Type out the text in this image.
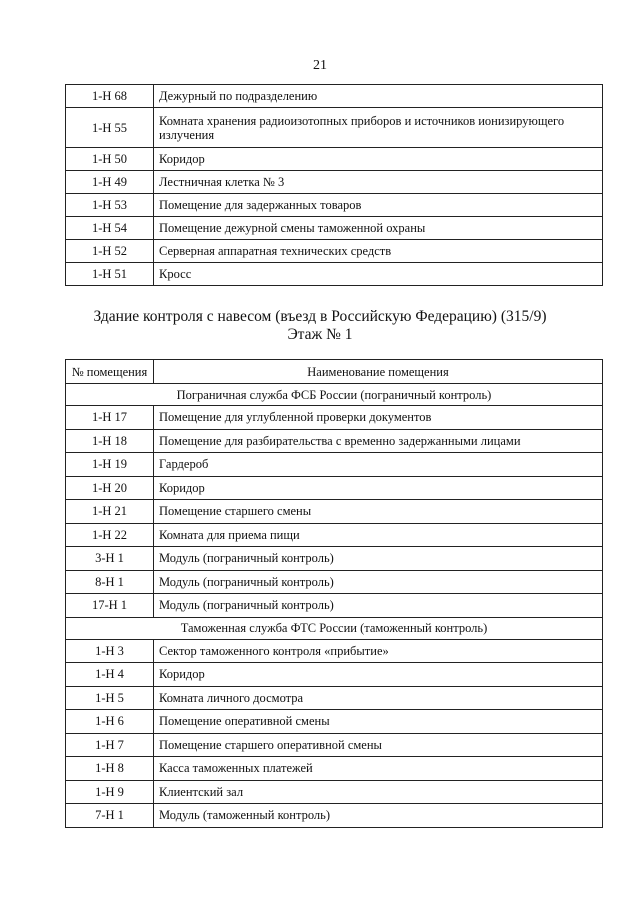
21
1-Н 68	Дежурный по подразделению
1-Н 55	Комната хранения радиоизотопных приборов и источников ионизирующего излучения
1-Н 50	Коридор
1-Н 49	Лестничная клетка № 3
1-Н 53	Помещение для задержанных товаров
1-Н 54	Помещение дежурной смены таможенной охраны
1-Н 52	Серверная аппаратная технических средств
1-Н 51	Кросс
Здание контроля с навесом (въезд в Российскую Федерацию) (315/9)
Этаж № 1
№ помещения	Наименование помещения
Пограничная служба ФСБ России (пограничный контроль)	
1-Н 17	Помещение для углубленной проверки документов
1-Н 18	Помещение для разбирательства с временно задержанными лицами
1-Н 19	Гардероб
1-Н 20	Коридор
1-Н 21	Помещение старшего смены
1-Н 22	Комната для приема пищи
3-Н 1	Модуль (пограничный контроль)
8-Н 1	Модуль (пограничный контроль)
17-Н 1	Модуль (пограничный контроль)
Таможенная служба ФТС России (таможенный контроль)	
1-Н 3	Сектор таможенного контроля «прибытие»
1-Н 4	Коридор
1-Н 5	Комната личного досмотра
1-Н 6	Помещение оперативной смены
1-Н 7	Помещение старшего оперативной смены
1-Н 8	Касса таможенных платежей
1-Н 9	Клиентский зал
7-Н 1	Модуль (таможенный контроль)
